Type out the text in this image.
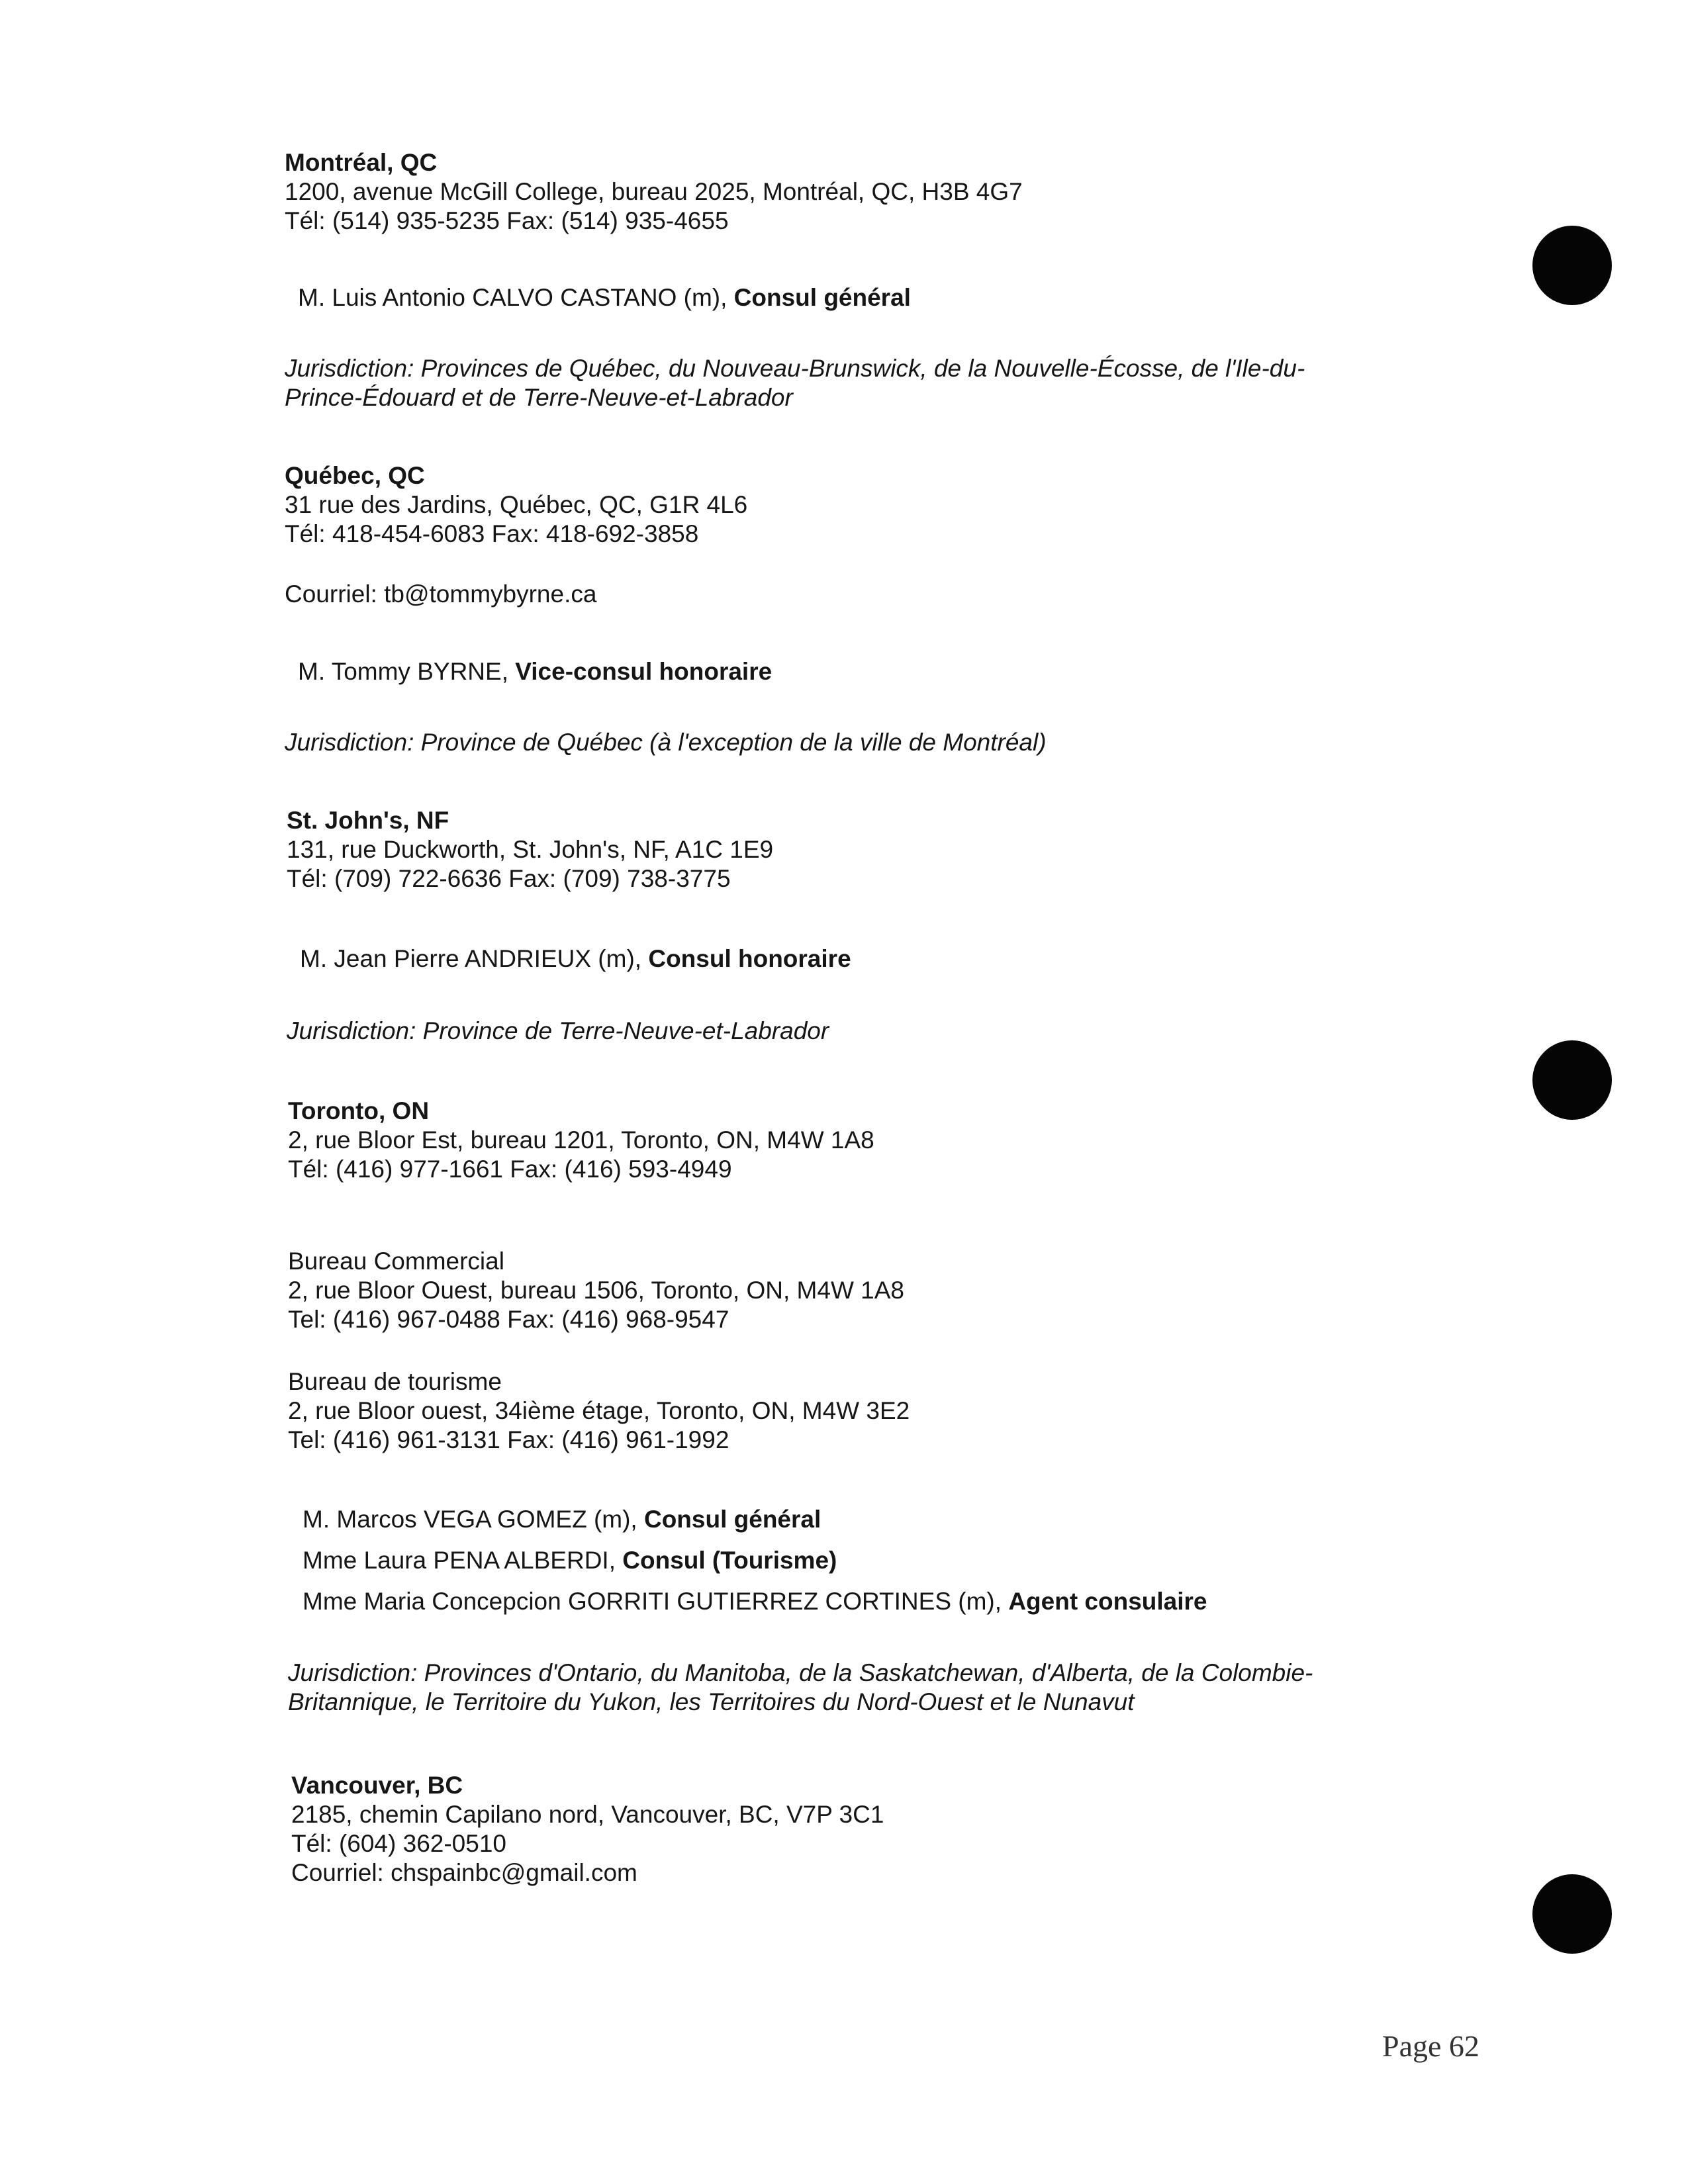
Montréal, QC
1200, avenue McGill College, bureau 2025, Montréal, QC, H3B 4G7
Tél: (514) 935-5235 Fax: (514) 935-4655
M. Luis Antonio CALVO CASTANO (m), Consul général
Jurisdiction: Provinces de Québec, du Nouveau-Brunswick, de la Nouvelle-Écosse, de l'Ile-du-
Prince-Édouard et de Terre-Neuve-et-Labrador
Québec, QC
31 rue des Jardins, Québec, QC, G1R 4L6
Tél: 418-454-6083 Fax: 418-692-3858
Courriel: tb@tommybyrne.ca
M. Tommy BYRNE, Vice-consul honoraire
Jurisdiction: Province de Québec (à l'exception de la ville de Montréal)
St. John's, NF
131, rue Duckworth, St. John's, NF, A1C 1E9
Tél: (709) 722-6636 Fax: (709) 738-3775
M. Jean Pierre ANDRIEUX (m), Consul honoraire
Jurisdiction: Province de Terre-Neuve-et-Labrador
Toronto, ON
2, rue Bloor Est, bureau 1201, Toronto, ON, M4W 1A8
Tél: (416) 977-1661 Fax: (416) 593-4949
Bureau Commercial
2, rue Bloor Ouest, bureau 1506, Toronto, ON, M4W 1A8
Tel: (416) 967-0488 Fax: (416) 968-9547
Bureau de tourisme
2, rue Bloor ouest, 34ième étage, Toronto, ON, M4W 3E2
Tel: (416) 961-3131 Fax: (416) 961-1992
M. Marcos VEGA GOMEZ (m), Consul général
Mme Laura PENA ALBERDI, Consul (Tourisme)
Mme Maria Concepcion GORRITI GUTIERREZ CORTINES (m), Agent consulaire
Jurisdiction: Provinces d'Ontario, du Manitoba, de la Saskatchewan, d'Alberta, de la Colombie-
Britannique, le Territoire du Yukon, les Territoires du Nord-Ouest et le Nunavut
Vancouver, BC
2185, chemin Capilano nord, Vancouver, BC, V7P 3C1
Tél: (604) 362-0510
Courriel: chspainbc@gmail.com
Page 62
